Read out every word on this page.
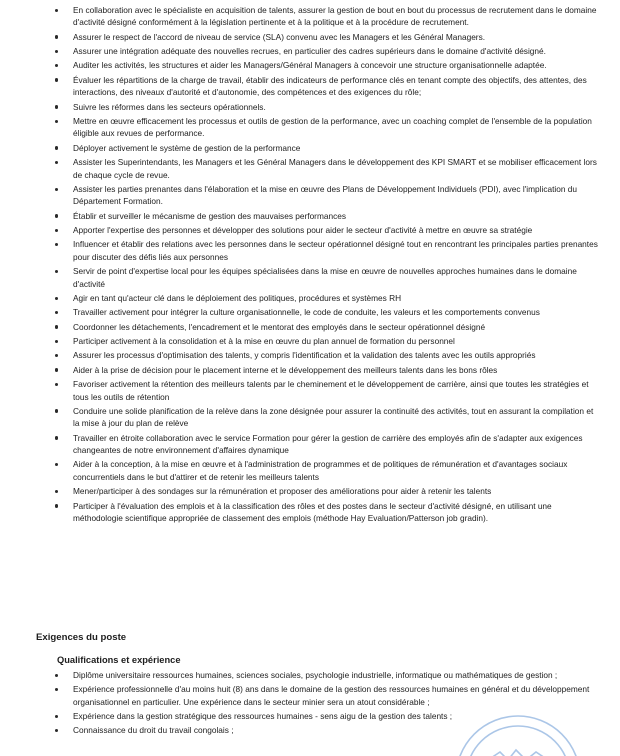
En collaboration avec le spécialiste en acquisition de talents, assurer la gestion de bout en bout du processus de recrutement dans le domaine d'activité désigné conformément à la législation pertinente et à la politique et à la procédure de recrutement.
Assurer le respect de l'accord de niveau de service (SLA) convenu avec les Managers et les Général Managers.
Assurer une intégration adéquate des nouvelles recrues, en particulier des cadres supérieurs dans le domaine d'activité désigné.
Auditer les activités, les structures et aider les Managers/Général Managers à concevoir une structure organisationnelle adaptée.
Évaluer les répartitions de la charge de travail, établir des indicateurs de performance clés en tenant compte des objectifs, des attentes, des interactions, des niveaux d'autorité et d'autonomie, des compétences et des exigences du rôle;
Suivre les réformes dans les secteurs opérationnels.
Mettre en œuvre efficacement les processus et outils de gestion de la performance, avec un coaching complet de l'ensemble de la population éligible aux revues de performance.
Déployer activement le système de gestion de la performance
Assister les Superintendants, les Managers et les Général Managers dans le développement des KPI SMART et se mobiliser efficacement lors de chaque cycle de revue.
Assister les parties prenantes dans l'élaboration et la mise en œuvre des Plans de Développement Individuels (PDI), avec l'implication du Département Formation.
Établir et surveiller le mécanisme de gestion des mauvaises performances
Apporter l'expertise des personnes et développer des solutions pour aider le secteur d'activité à mettre en œuvre sa stratégie
Influencer et établir des relations avec les personnes dans le secteur opérationnel désigné tout en rencontrant les principales parties prenantes pour discuter des défis liés aux personnes
Servir de point d'expertise local pour les équipes spécialisées dans la mise en œuvre de nouvelles approches humaines dans le domaine d'activité
Agir en tant qu'acteur clé dans le déploiement des politiques, procédures et systèmes RH
Travailler activement pour intégrer la culture organisationnelle, le code de conduite, les valeurs et les comportements convenus
Coordonner les détachements, l'encadrement et le mentorat des employés dans le secteur opérationnel désigné
Participer activement à la consolidation et à la mise en œuvre du plan annuel de formation du personnel
Assurer les processus d'optimisation des talents, y compris l'identification et la validation des talents avec les outils appropriés
Aider à la prise de décision pour le placement interne et le développement des meilleurs talents dans les bons rôles
Favoriser activement la rétention des meilleurs talents par le cheminement et le développement de carrière, ainsi que toutes les stratégies et tous les outils de rétention
Conduire une solide planification de la relève dans la zone désignée pour assurer la continuité des activités, tout en assurant la compilation et la mise à jour du plan de relève
Travailler en étroite collaboration avec le service Formation pour gérer la gestion de carrière des employés afin de s'adapter aux exigences changeantes de notre environnement d'affaires dynamique
Aider à la conception, à la mise en œuvre et à l'administration de programmes et de politiques de rémunération et d'avantages sociaux concurrentiels dans le but d'attirer et de retenir les meilleurs talents
Mener/participer à des sondages sur la rémunération et proposer des améliorations pour aider à retenir les talents
Participer à l'évaluation des emplois et à la classification des rôles et des postes dans le secteur d'activité désigné, en utilisant une méthodologie scientifique appropriée de classement des emplois (méthode Hay Evaluation/Patterson job gradin).
Exigences du poste
Qualifications et expérience
Diplôme universitaire ressources humaines, sciences sociales, psychologie industrielle, informatique ou mathématiques de gestion ;
Expérience professionnelle d'au moins huit (8) ans dans le domaine de la gestion des ressources humaines en général et du développement organisationnel en particulier. Une expérience dans le secteur minier sera un atout considérable ;
Expérience dans la gestion stratégique des ressources humaines - sens aigu de la gestion des talents ;
Connaissance du droit du travail congolais ;
